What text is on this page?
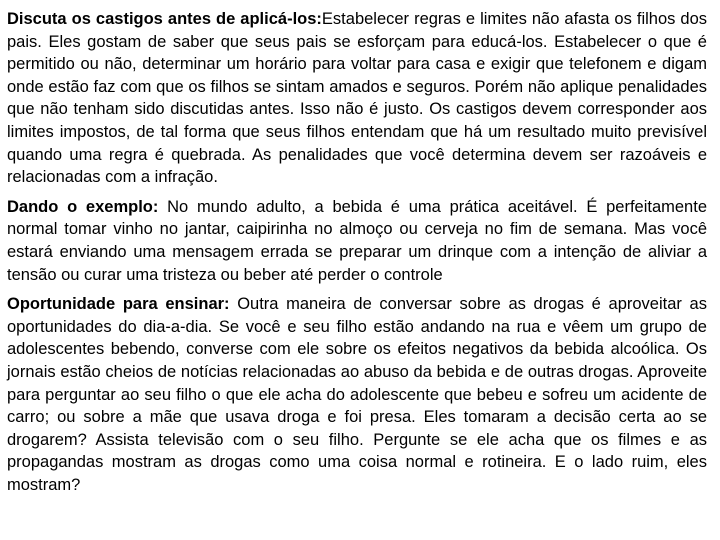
Discuta os castigos antes de aplicá-los:Estabelecer regras e limites não afasta os filhos dos pais. Eles gostam de saber que seus pais se esforçam para educá-los. Estabelecer o que é permitido ou não, determinar um horário para voltar para casa e exigir que telefonem e digam onde estão faz com que os filhos se sintam amados e seguros. Porém não aplique penalidades que não tenham sido discutidas antes. Isso não é justo. Os castigos devem corresponder aos limites impostos, de tal forma que seus filhos entendam que há um resultado muito previsível quando uma regra é quebrada. As penalidades que você determina devem ser razoáveis e relacionadas com a infração.

Dando o exemplo: No mundo adulto, a bebida é uma prática aceitável. É perfeitamente normal tomar vinho no jantar, caipirinha no almoço ou cerveja no fim de semana. Mas você estará enviando uma mensagem errada se preparar um drinque com a intenção de aliviar a tensão ou curar uma tristeza ou beber até perder o controle

Oportunidade para ensinar: Outra maneira de conversar sobre as drogas é aproveitar as oportunidades do dia-a-dia. Se você e seu filho estão andando na rua e vêem um grupo de adolescentes bebendo, converse com ele sobre os efeitos negativos da bebida alcoólica. Os jornais estão cheios de notícias relacionadas ao abuso da bebida e de outras drogas. Aproveite para perguntar ao seu filho o que ele acha do adolescente que bebeu e sofreu um acidente de carro; ou sobre a mãe que usava droga e foi presa. Eles tomaram a decisão certa ao se drogarem? Assista televisão com o seu filho. Pergunte se ele acha que os filmes e as propagandas mostram as drogas como uma coisa normal e rotineira. E o lado ruim, eles mostram?
